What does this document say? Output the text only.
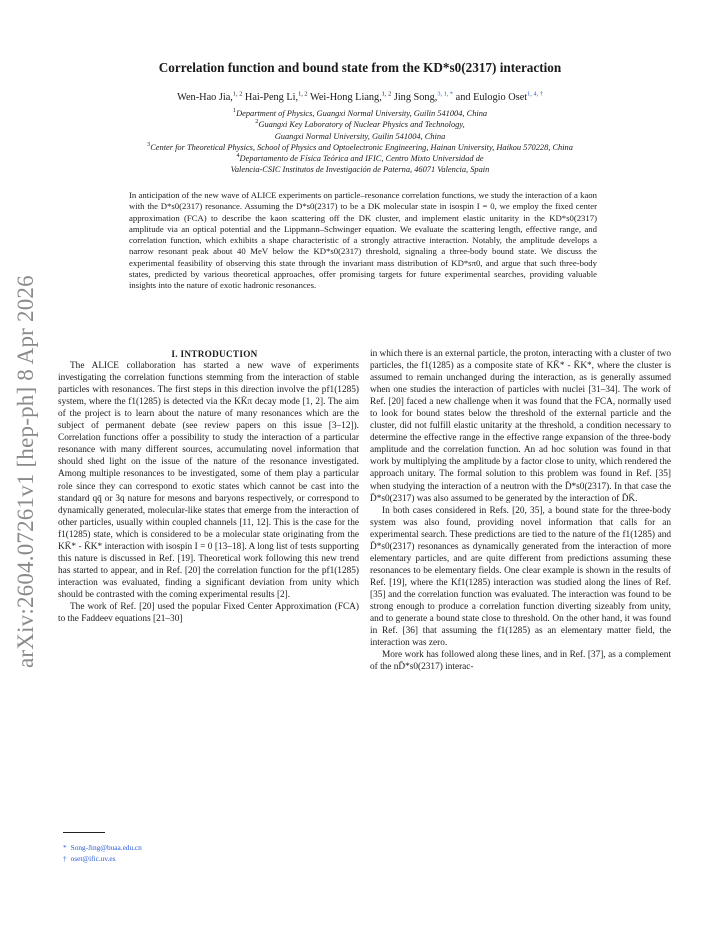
arXiv:2604.07261v1 [hep-ph] 8 Apr 2026
Correlation function and bound state from the KD*s0(2317) interaction
Wen-Hao Jia,$^{1, 2}$ Hai-Peng Li,$^{1, 2}$ Wei-Hong Liang,$^{1, 2}$ Jing Song,$^{3, 1, *}$ and Eulogio Oset$^{1, 4, \dagger}$
$^1$Department of Physics, Guangxi Normal University, Guilin 541004, China
$^2$Guangxi Key Laboratory of Nuclear Physics and Technology,
Guangxi Normal University, Guilin 541004, China
$^3$Center for Theoretical Physics, School of Physics and Optoelectronic Engineering, Hainan University, Haikou 570228, China
$^4$Departamento de Física Teórica and IFIC, Centro Mixto Universidad de
Valencia-CSIC Institutos de Investigación de Paterna, 46071 Valencia, Spain
In anticipation of the new wave of ALICE experiments on particle–resonance correlation functions, we study the interaction of a kaon with the D*s0(2317) resonance. Assuming the D*s0(2317) to be a DK molecular state in isospin I = 0, we employ the fixed center approximation (FCA) to describe the kaon scattering off the DK cluster, and implement elastic unitarity in the KD*s0(2317) amplitude via an optical potential and the Lippmann–Schwinger equation. We evaluate the scattering length, effective range, and correlation function, which exhibits a shape characteristic of a strongly attractive interaction. Notably, the amplitude develops a narrow resonant peak about 40 MeV below the KD*s0(2317) threshold, signaling a three-body bound state. We discuss the experimental feasibility of observing this state through the invariant mass distribution of KD*sπ0, and argue that such three-body states, predicted by various theoretical approaches, offer promising targets for future experimental searches, providing valuable insights into the nature of exotic hadronic resonances.

I. INTRODUCTION

The ALICE collaboration has started a new wave of experiments investigating the correlation functions stemming from the interaction of stable particles with resonances. The first steps in this direction involve the pf1(1285) system, where the f1(1285) is detected via the KK̄π decay mode [1, 2]. The aim of the project is to learn about the nature of many resonances which are the subject of permanent debate (see review papers on this issue [3–12]). Correlation functions offer a possibility to study the interaction of a particular resonance with many different sources, accumulating novel information that should shed light on the issue of the nature of the resonance investigated. Among multiple resonances to be investigated, some of them play a particular role since they can correspond to exotic states which cannot be cast into the standard qq̄ or 3q nature for mesons and baryons respectively, or correspond to dynamically generated, molecular-like states that emerge from the interaction of other particles, usually within coupled channels [11, 12]. This is the case for the f1(1285) state, which is considered to be a molecular state originating from the KK̄* - K̄K* interaction with isospin I = 0 [13–18]. A long list of tests supporting this nature is discussed in Ref. [19]. Theoretical work following this new trend has started to appear, and in Ref. [20] the correlation function for the pf1(1285) interaction was evaluated, finding a significant deviation from unity which should be contrasted with the coming experimental results [2].

The work of Ref. [20] used the popular Fixed Center Approximation (FCA) to the Faddeev equations [21–30]

in which there is an external particle, the proton, interacting with a cluster of two particles, the f1(1285) as a composite state of KK̄* - K̄K*, where the cluster is assumed to remain unchanged during the interaction, as is generally assumed when one studies the interaction of particles with nuclei [31–34]. The work of Ref. [20] faced a new challenge when it was found that the FCA, normally used to look for bound states below the threshold of the external particle and the cluster, did not fulfill elastic unitarity at the threshold, a condition necessary to determine the effective range in the effective range expansion of the three-body amplitude and the correlation function. An ad hoc solution was found in that work by multiplying the amplitude by a factor close to unity, which rendered the approach unitary. The formal solution to this problem was found in Ref. [35] when studying the interaction of a neutron with the D̄*s0(2317). In that case the D̄*s0(2317) was also assumed to be generated by the interaction of D̄K̄.

In both cases considered in Refs. [20, 35], a bound state for the three-body system was also found, providing novel information that calls for an experimental search. These predictions are tied to the nature of the f1(1285) and D̄*s0(2317) resonances as dynamically generated from the interaction of more elementary particles, and are quite different from predictions assuming these resonances to be elementary fields. One clear example is shown in the results of Ref. [19], where the Kf1(1285) interaction was studied along the lines of Ref. [35] and the correlation function was evaluated. The interaction was found to be strong enough to produce a correlation function diverting sizeably from unity, and to generate a bound state close to threshold. On the other hand, it was found in Ref. [36] that assuming the f1(1285) as an elementary matter field, the interaction was zero.

More work has followed along these lines, and in Ref. [37], as a complement of the nD̄*s0(2317) interac-

* Song-Jing@buaa.edu.cn
† oset@ific.uv.es
